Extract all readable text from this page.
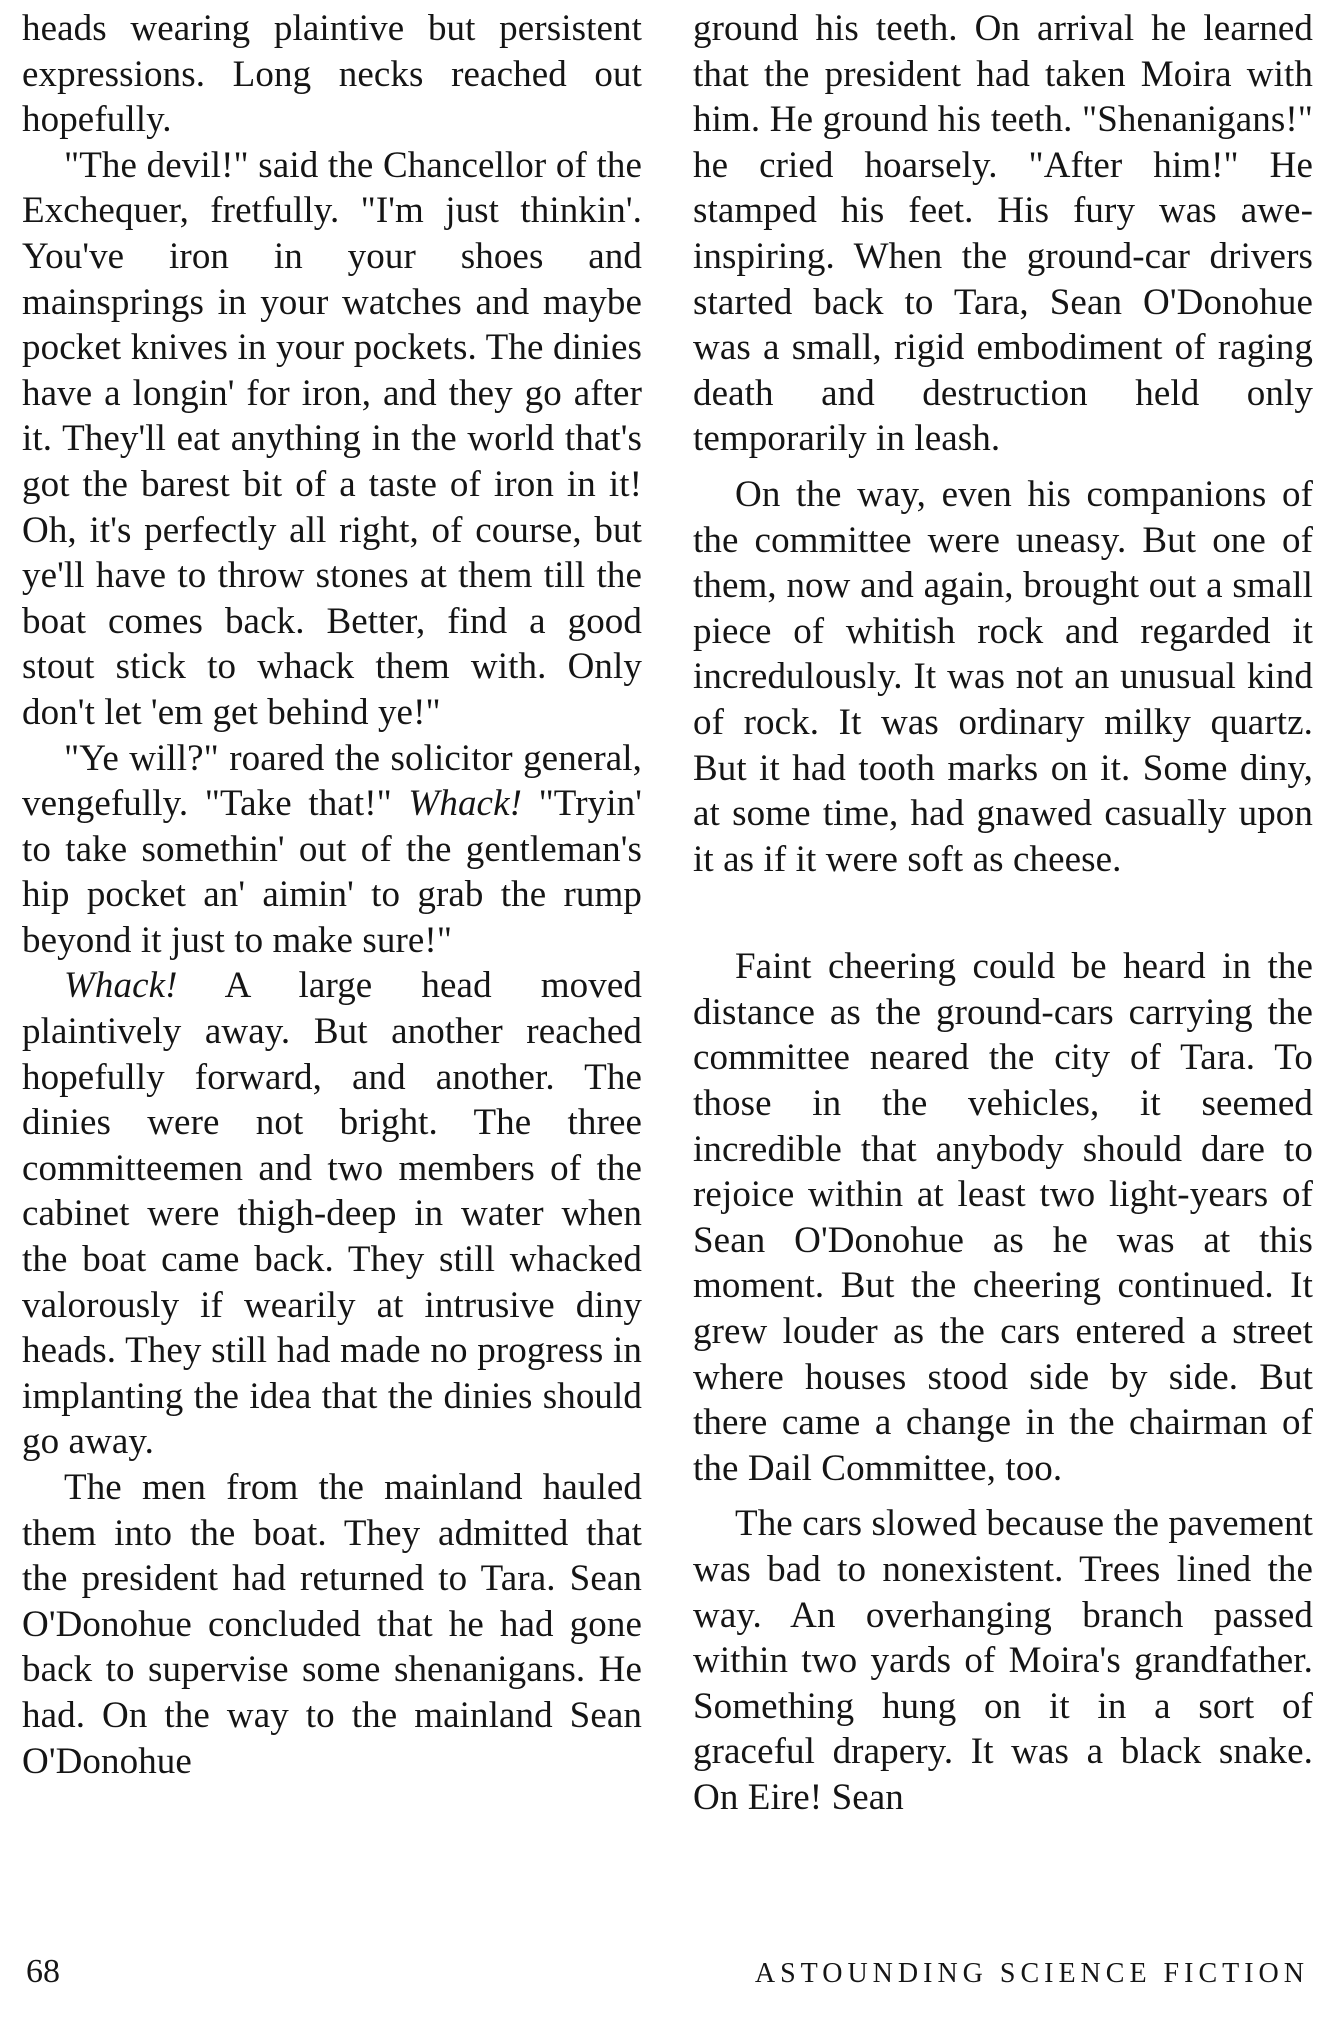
heads wearing plaintive but persistent expressions. Long necks reached out hopefully.

"The devil!" said the Chancellor of the Exchequer, fretfully. "I'm just thinkin'. You've iron in your shoes and mainsprings in your watches and maybe pocket knives in your pockets. The dinies have a longin' for iron, and they go after it. They'll eat anything in the world that's got the barest bit of a taste of iron in it! Oh, it's perfectly all right, of course, but ye'll have to throw stones at them till the boat comes back. Better, find a good stout stick to whack them with. Only don't let 'em get behind ye!"

"Ye will?" roared the solicitor general, vengefully. "Take that!" Whack! "Tryin' to take somethin' out of the gentleman's hip pocket an' aimin' to grab the rump beyond it just to make sure!"

Whack! A large head moved plaintively away. But another reached hopefully forward, and another. The dinies were not bright. The three committeemen and two members of the cabinet were thigh-deep in water when the boat came back. They still whacked valorously if wearily at intrusive diny heads. They still had made no progress in implanting the idea that the dinies should go away.

The men from the mainland hauled them into the boat. They admitted that the president had returned to Tara. Sean O'Donohue concluded that he had gone back to supervise some shenanigans. He had. On the way to the mainland Sean O'Donohue

ground his teeth. On arrival he learned that the president had taken Moira with him. He ground his teeth. "Shenanigans!" he cried hoarsely. "After him!" He stamped his feet. His fury was awe-inspiring. When the ground-car drivers started back to Tara, Sean O'Donohue was a small, rigid embodiment of raging death and destruction held only temporarily in leash.

On the way, even his companions of the committee were uneasy. But one of them, now and again, brought out a small piece of whitish rock and regarded it incredulously. It was not an unusual kind of rock. It was ordinary milky quartz. But it had tooth marks on it. Some diny, at some time, had gnawed casually upon it as if it were soft as cheese.

Faint cheering could be heard in the distance as the ground-cars carrying the committee neared the city of Tara. To those in the vehicles, it seemed incredible that anybody should dare to rejoice within at least two light-years of Sean O'Donohue as he was at this moment. But the cheering continued. It grew louder as the cars entered a street where houses stood side by side. But there came a change in the chairman of the Dail Committee, too.

The cars slowed because the pavement was bad to nonexistent. Trees lined the way. An overhanging branch passed within two yards of Moira's grandfather. Something hung on it in a sort of graceful drapery. It was a black snake. On Eire! Sean

68	ASTOUNDING SCIENCE FICTION
